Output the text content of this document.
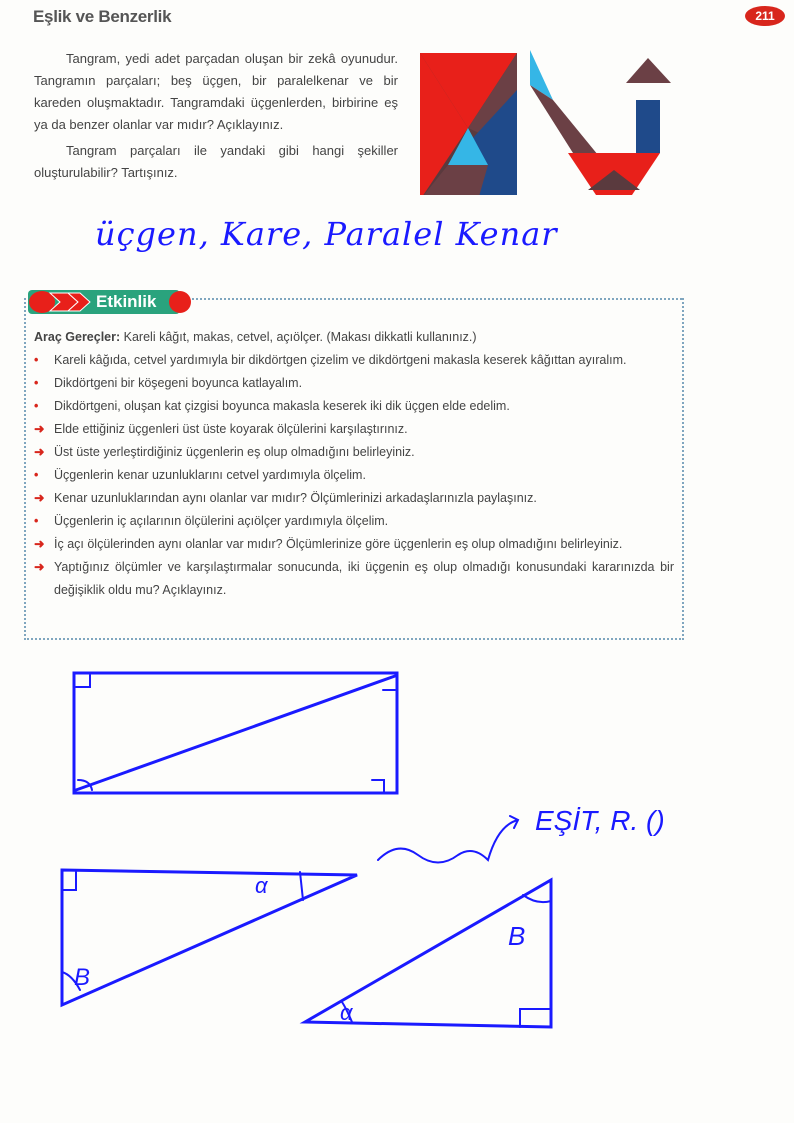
Eşlik ve Benzerlik	211

Tangram, yedi adet parçadan oluşan bir zekâ oyunudur. Tangramın parçaları; beş üçgen, bir paralelkenar ve bir kareden oluşmaktadır. Tangramdaki üçgenlerden, birbirine eş ya da benzer olanlar var mıdır? Açıklayınız.

Tangram parçaları ile yandaki gibi hangi şekiller oluşturulabilir? Tartışınız.

üçgen, Kare, Paralel Kenar
Etkinlik
Araç Gereçler: Kareli kâğıt, makas, cetvel, açıölçer. (Makası dikkatli kullanınız.)
• Kareli kâğıda, cetvel yardımıyla bir dikdörtgen çizelim ve dikdörtgeni makasla keserek kâğıttan ayıralım.
• Dikdörtgeni bir köşegeni boyunca katlayalım.
• Dikdörtgeni, oluşan kat çizgisi boyunca makasla keserek iki dik üçgen elde edelim.
➜ Elde ettiğiniz üçgenleri üst üste koyarak ölçülerini karşılaştırınız.
➜ Üst üste yerleştirdiğiniz üçgenlerin eş olup olmadığını belirleyiniz.
• Üçgenlerin kenar uzunluklarını cetvel yardımıyla ölçelim.
➜ Kenar uzunluklarından aynı olanlar var mıdır? Ölçümlerinizi arkadaşlarınızla paylaşınız.
• Üçgenlerin iç açılarının ölçülerini açıölçer yardımıyla ölçelim.
➜ İç açı ölçülerinden aynı olanlar var mıdır? Ölçümlerinize göre üçgenlerin eş olup olmadığını belirleyiniz.
➜ Yaptığınız ölçümler ve karşılaştırmalar sonucunda, iki üçgenin eş olup olmadığı konusundaki kararınızda bir değişiklik oldu mu? Açıklayınız.
α
B
α
B
EŞİT, R. ()
